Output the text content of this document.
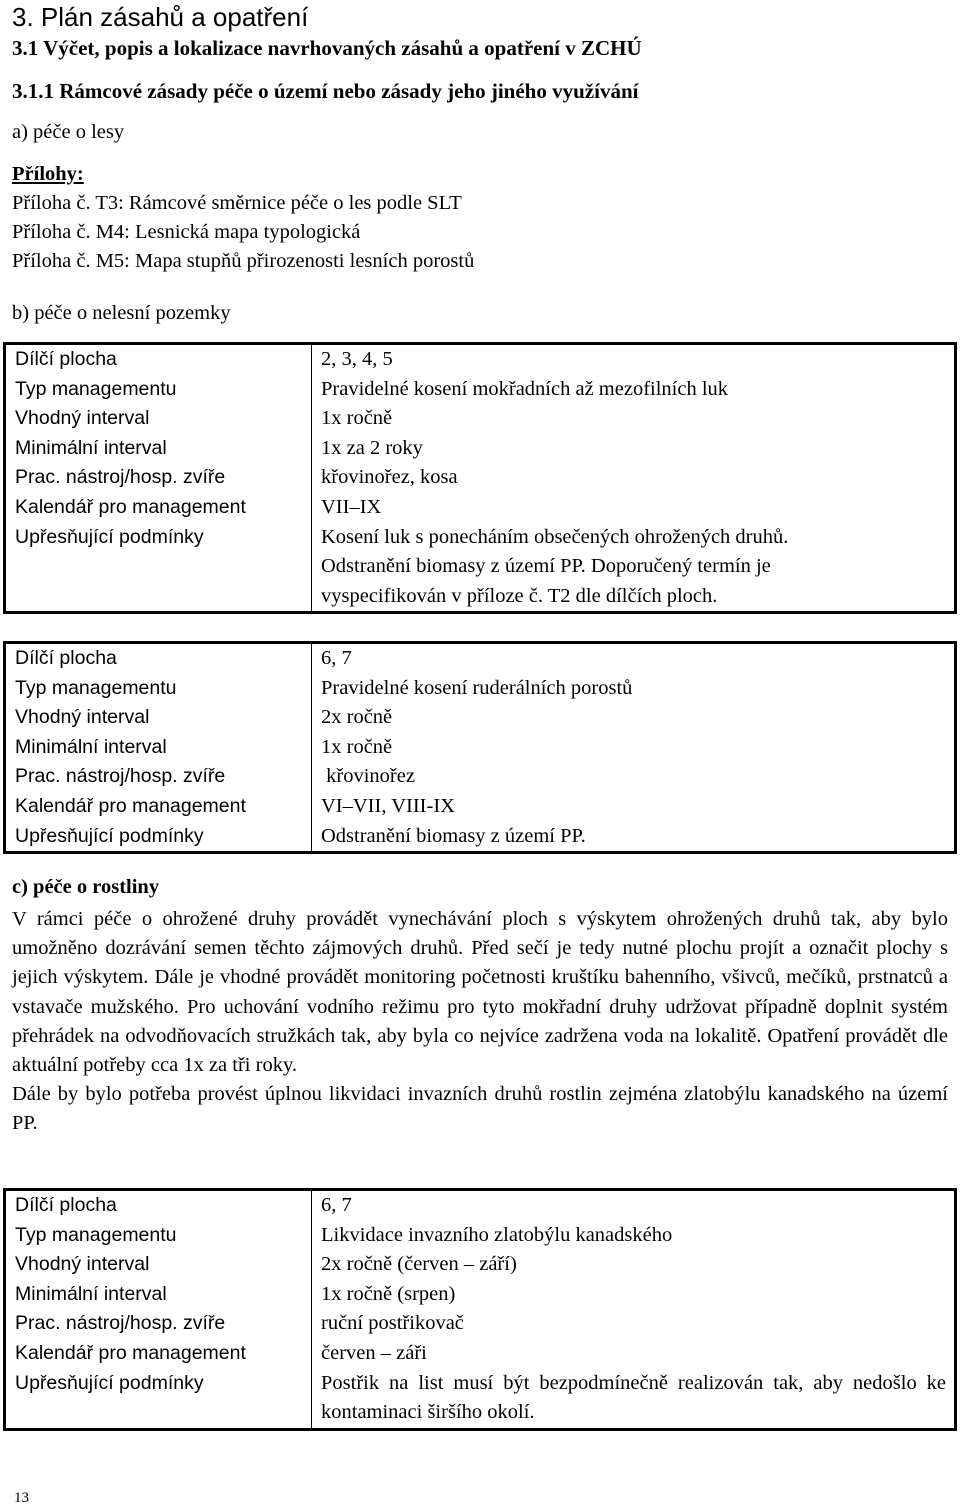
3. Plán zásahů a opatření
3.1 Výčet, popis a lokalizace navrhovaných zásahů a opatření v ZCHÚ
3.1.1 Rámcové zásady péče o území nebo zásady jeho jiného využívání
a) péče o lesy
Přílohy:
Příloha č. T3: Rámcové směrnice péče o les podle SLT
Příloha č. M4: Lesnická mapa typologická
Příloha č. M5: Mapa stupňů přirozenosti lesních porostů
b) péče o nelesní pozemky
Dílčí plocha	2, 3, 4, 5
Typ managementu	Pravidelné kosení mokřadních až mezofilních luk
Vhodný interval	1x ročně
Minimální interval	1x za 2 roky
Prac. nástroj/hosp. zvíře	křovinořez, kosa
Kalendář pro management	VII–IX
Upřesňující podmínky	Kosení luk s ponecháním obsečených ohrožených druhů.
Odstranění biomasy z území PP. Doporučený termín je
vyspecifikován v příloze č. T2 dle dílčích ploch.
Dílčí plocha	6, 7
Typ managementu	Pravidelné kosení ruderálních porostů
Vhodný interval	2x ročně
Minimální interval	1x ročně
Prac. nástroj/hosp. zvíře	křovinořez
Kalendář pro management	VI–VII, VIII-IX
Upřesňující podmínky	Odstranění biomasy z území PP.
c) péče o rostliny

V rámci péče o ohrožené druhy provádět vynechávání ploch s výskytem ohrožených druhů tak, aby bylo umožněno dozrávání semen těchto zájmových druhů. Před sečí je tedy nutné plochu projít a označit plochy s jejich výskytem. Dále je vhodné provádět monitoring početnosti kruštíku bahenního, všivců, mečíků, prstnatců a vstavače mužského. Pro uchování vodního režimu pro tyto mokřadní druhy udržovat případně doplnit systém přehrádek na odvodňovacích stružkách tak, aby byla co nejvíce zadržena voda na lokalitě. Opatření provádět dle aktuální potřeby cca 1x za tři roky.

Dále by bylo potřeba provést úplnou likvidaci invazních druhů rostlin zejména zlatobýlu kanadského na území PP.

Dílčí plocha	6, 7
Typ managementu	Likvidace invazního zlatobýlu kanadského
Vhodný interval	2x ročně (červen – září)
Minimální interval	1x ročně (srpen)
Prac. nástroj/hosp. zvíře	ruční postřikovač
Kalendář pro management	červen – záři
Upřesňující podmínky	Postřik na list musí být bezpodmínečně realizován tak, aby nedošlo ke kontaminaci širšího okolí.
13
